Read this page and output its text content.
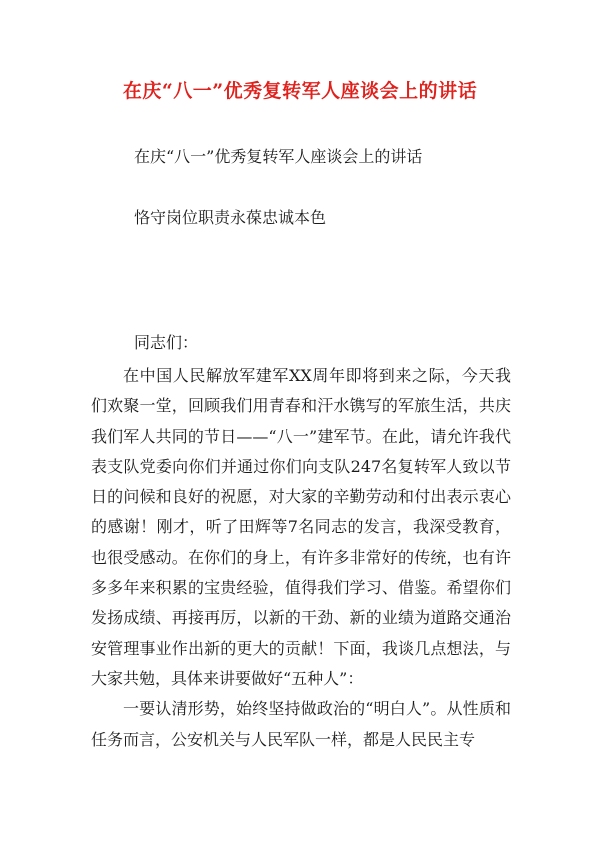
在庆“八一”优秀复转军人座谈会上的讲话
在庆“八一”优秀复转军人座谈会上的讲话
恪守岗位职责永葆忠诚本色
同志们：

在中国人民解放军建军XX周年即将到来之际，今天我们欢聚一堂，回顾我们用青春和汗水镌写的军旅生活，共庆我们军人共同的节日——“八一”建军节。在此，请允许我代表支队党委向你们并通过你们向支队247名复转军人致以节日的问候和良好的祝愿，对大家的辛勤劳动和付出表示衷心的感谢！刚才，听了田辉等7名同志的发言，我深受教育，也很受感动。在你们的身上，有许多非常好的传统，也有许多多年来积累的宝贵经验，值得我们学习、借鉴。希望你们发扬成绩、再接再厉，以新的干劲、新的业绩为道路交通治安管理事业作出新的更大的贡献！下面，我谈几点想法，与大家共勉，具体来讲要做好“五种人”：

一要认清形势，始终坚持做政治的“明白人”。从性质和任务而言，公安机关与人民军队一样，都是人民民主专
